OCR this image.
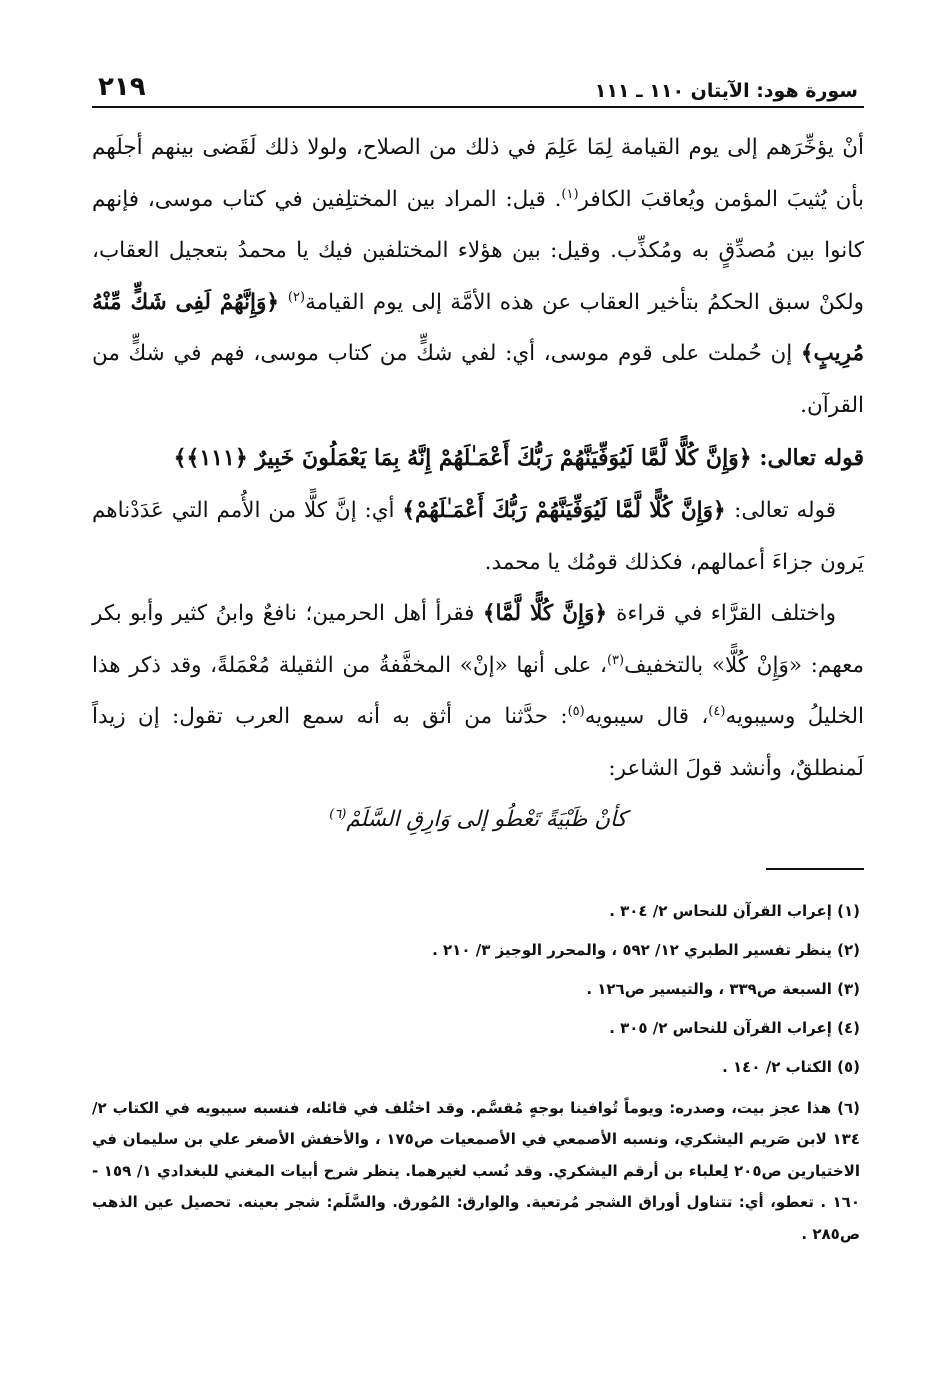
سورة هود: الآيتان ١١٠ ـ ١١١
٢١٩

أنْ يؤخِّرَهم إلى يوم القيامة لِمَا عَلِمَ في ذلك من الصلاح، ولولا ذلك لَقَضى بينهم أجلَهم بأن يُثيبَ المؤمن ويُعاقبَ الكافر$^{(١)}$. قيل: المراد بين المختلِفين في كتاب موسى، فإنهم كانوا بين مُصدِّقٍ به ومُكذِّب. وقيل: بين هؤلاء المختلفين فيك يا محمدُ بتعجيل العقاب، ولكنْ سبق الحكمُ بتأخير العقاب عن هذه الأمَّة إلى يوم القيامة$^{(٢)}$ ﴿وَإِنَّهُمْ لَفِى شَكٍّ مِّنْهُ مُرِيبٍ﴾ إن حُملت على قوم موسى، أي: لفي شكٍّ من كتاب موسى، فهم في شكٍّ من القرآن.

قوله تعالى: ﴿وَإِنَّ كُلًّا لَّمَّا لَيُوَفِّيَنَّهُمْ رَبُّكَ أَعْمَـٰلَهُمْ إِنَّهُ بِمَا يَعْمَلُونَ خَبِيرٌ ﴿١١١﴾﴾

قوله تعالى: ﴿وَإِنَّ كُلًّا لَّمَّا لَيُوَفِّيَنَّهُمْ رَبُّكَ أَعْمَـٰلَهُمْ﴾ أي: إنَّ كلًّا من الأُمم التي عَدَدْناهم يَرون جزاءَ أعمالهم، فكذلك قومُك يا محمد.

واختلف القرَّاء في قراءة ﴿وَإِنَّ كُلًّا لَّمَّا﴾ فقرأ أهل الحرمين؛ نافعٌ وابنُ كثير وأبو بكر معهم: «وَإِنْ كُلًّا» بالتخفيف$^{(٣)}$، على أنها «إنْ» المخفَّفةُ من الثقيلة مُعْمَلةً، وقد ذكر هذا الخليلُ وسيبويه$^{(٤)}$، قال سيبويه$^{(٥)}$: حدَّثنا من أثق به أنه سمع العرب تقول: إن زيداً لَمنطلقٌ، وأنشد قولَ الشاعر:

كأنْ ظَبْيَةً تَعْطُو إلى وَارِقِ السَّلَمْ$^{(٦)}$

(١) إعراب القرآن للنحاس ٢/ ٣٠٤ .
(٢) ينظر تفسير الطبري ١٢/ ٥٩٢ ، والمحرر الوجيز ٣/ ٢١٠ .
(٣) السبعة ص٣٣٩ ، والتيسير ص١٢٦ .
(٤) إعراب القرآن للنحاس ٢/ ٣٠٥ .
(٥) الكتاب ٢/ ١٤٠ .
(٦) هذا عجز بيت، وصدره: ويوماً تُوافينا بوجهٍ مُقسَّم. وقد اختُلف في قائله، فنسبه سيبويه في الكتاب ٢/ ١٣٤ لابن صَريم اليشكري، ونسبه الأصمعي في الأصمعيات ص١٧٥ ، والأخفش الأصغر علي بن سليمان في الاختيارين ص٢٠٥ لِعلباء بن أرقم اليشكري. وقد نُسب لغيرهما. ينظر شرح أبيات المغني للبغدادي ١/ ١٥٩ - ١٦٠ . تعطو، أي: تتناول أوراق الشجر مُرتعية. والوارق: المُورق. والسَّلَم: شجر بعينه. تحصيل عين الذهب ص٢٨٥ .
